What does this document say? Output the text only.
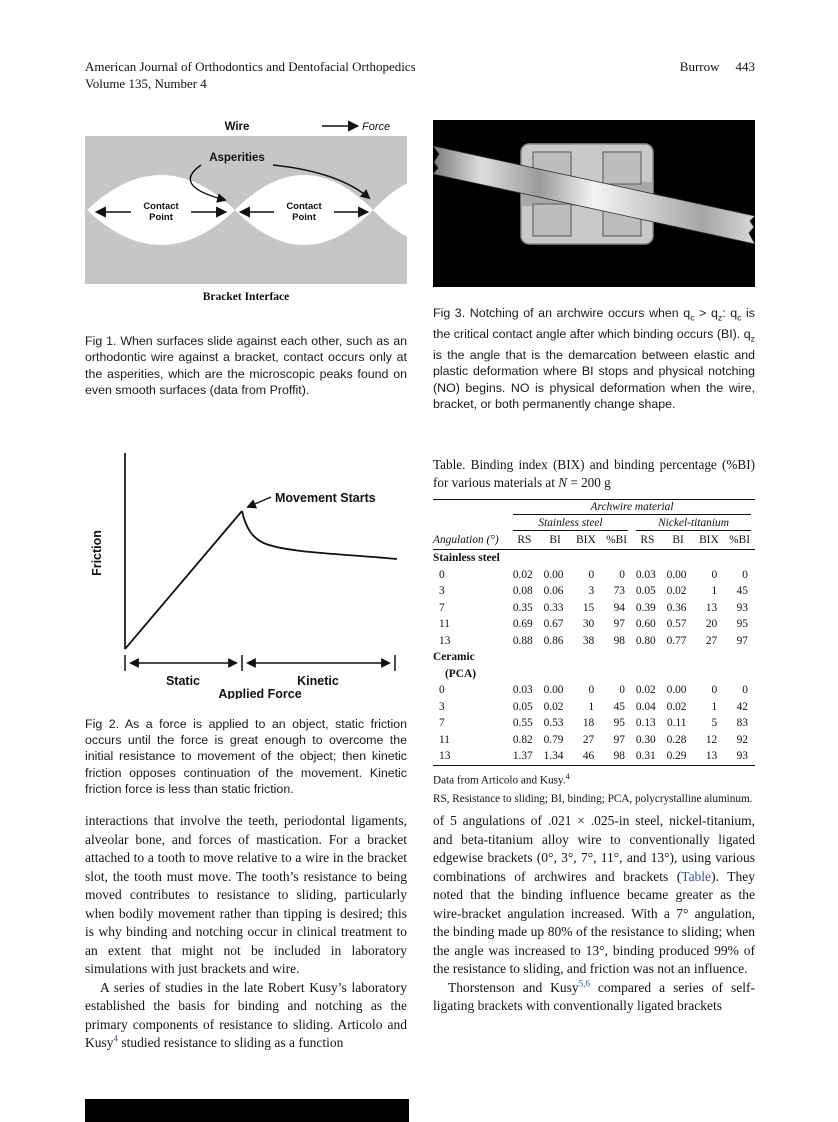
American Journal of Orthodontics and Dentofacial Orthopedics
Volume 135, Number 4
Burrow 443
Wire	Force
Asperities
Contact
Point
Contact
Point
Bracket Interface
Fig 1. When surfaces slide against each other, such as an orthodontic wire against a bracket, contact occurs only at the asperities, which are the microscopic peaks found on even smooth surfaces (data from Proffit).
Movement Starts
Static	Kinetic
Applied Force
Friction
Fig 2. As a force is applied to an object, static friction occurs until the force is great enough to overcome the initial resistance to movement of the object; then kinetic friction opposes continuation of the movement. Kinetic friction force is less than static friction.
Fig 3. Notching of an archwire occurs when $q_c > q_z$: $q_c$ is the critical contact angle after which binding occurs (BI). $q_z$ is the angle that is the demarcation between elastic and plastic deformation where BI stops and physical notching (NO) begins. NO is physical deformation when the wire, bracket, or both permanently change shape.

Table. Binding index (BIX) and binding percentage (%BI) for various materials at N = 200 g

	Archwire material							

	Stainless steel				Nickel-titanium			

Angulation (°)	RS	BI	BIX	%BI	RS	BI	BIX	%BI
Stainless steel								
0	0.02	0.00	0	0	0.03	0.00	0	0
3	0.08	0.06	3	73	0.05	0.02	1	45
7	0.35	0.33	15	94	0.39	0.36	13	93
11	0.69	0.67	30	97	0.60	0.57	20	95
13	0.88	0.86	38	98	0.80	0.77	27	97
Ceramic								
(PCA)								
0	0.03	0.00	0	0	0.02	0.00	0	0
3	0.05	0.02	1	45	0.04	0.02	1	42
7	0.55	0.53	18	95	0.13	0.11	5	83
11	0.82	0.79	27	97	0.30	0.28	12	92
13	1.37	1.34	46	98	0.31	0.29	13	93

Data from Articolo and Kusy.$^4$

RS, Resistance to sliding; BI, binding; PCA, polycrystalline aluminum.

interactions that involve the teeth, periodontal ligaments, alveolar bone, and forces of mastication. For a bracket attached to a tooth to move relative to a wire in the bracket slot, the tooth must move. The tooth’s resistance to being moved contributes to resistance to sliding, particularly when bodily movement rather than tipping is desired; this is why binding and notching occur in clinical treatment to an extent that might not be included in laboratory simulations with just brackets and wire.

A series of studies in the late Robert Kusy’s laboratory established the basis for binding and notching as the primary components of resistance to sliding. Articolo and Kusy$^4$ studied resistance to sliding as a function

of 5 angulations of .021 × .025-in steel, nickel-titanium, and beta-titanium alloy wire to conventionally ligated edgewise brackets (0°, 3°, 7°, 11°, and 13°), using various combinations of archwires and brackets (Table). They noted that the binding influence became greater as the wire-bracket angulation increased. With a 7° angulation, the binding made up 80% of the resistance to sliding; when the angle was increased to 13°, binding produced 99% of the resistance to sliding, and friction was not an influence.

Thorstenson and Kusy$^{5,6}$ compared a series of self-ligating brackets with conventionally ligated brackets
